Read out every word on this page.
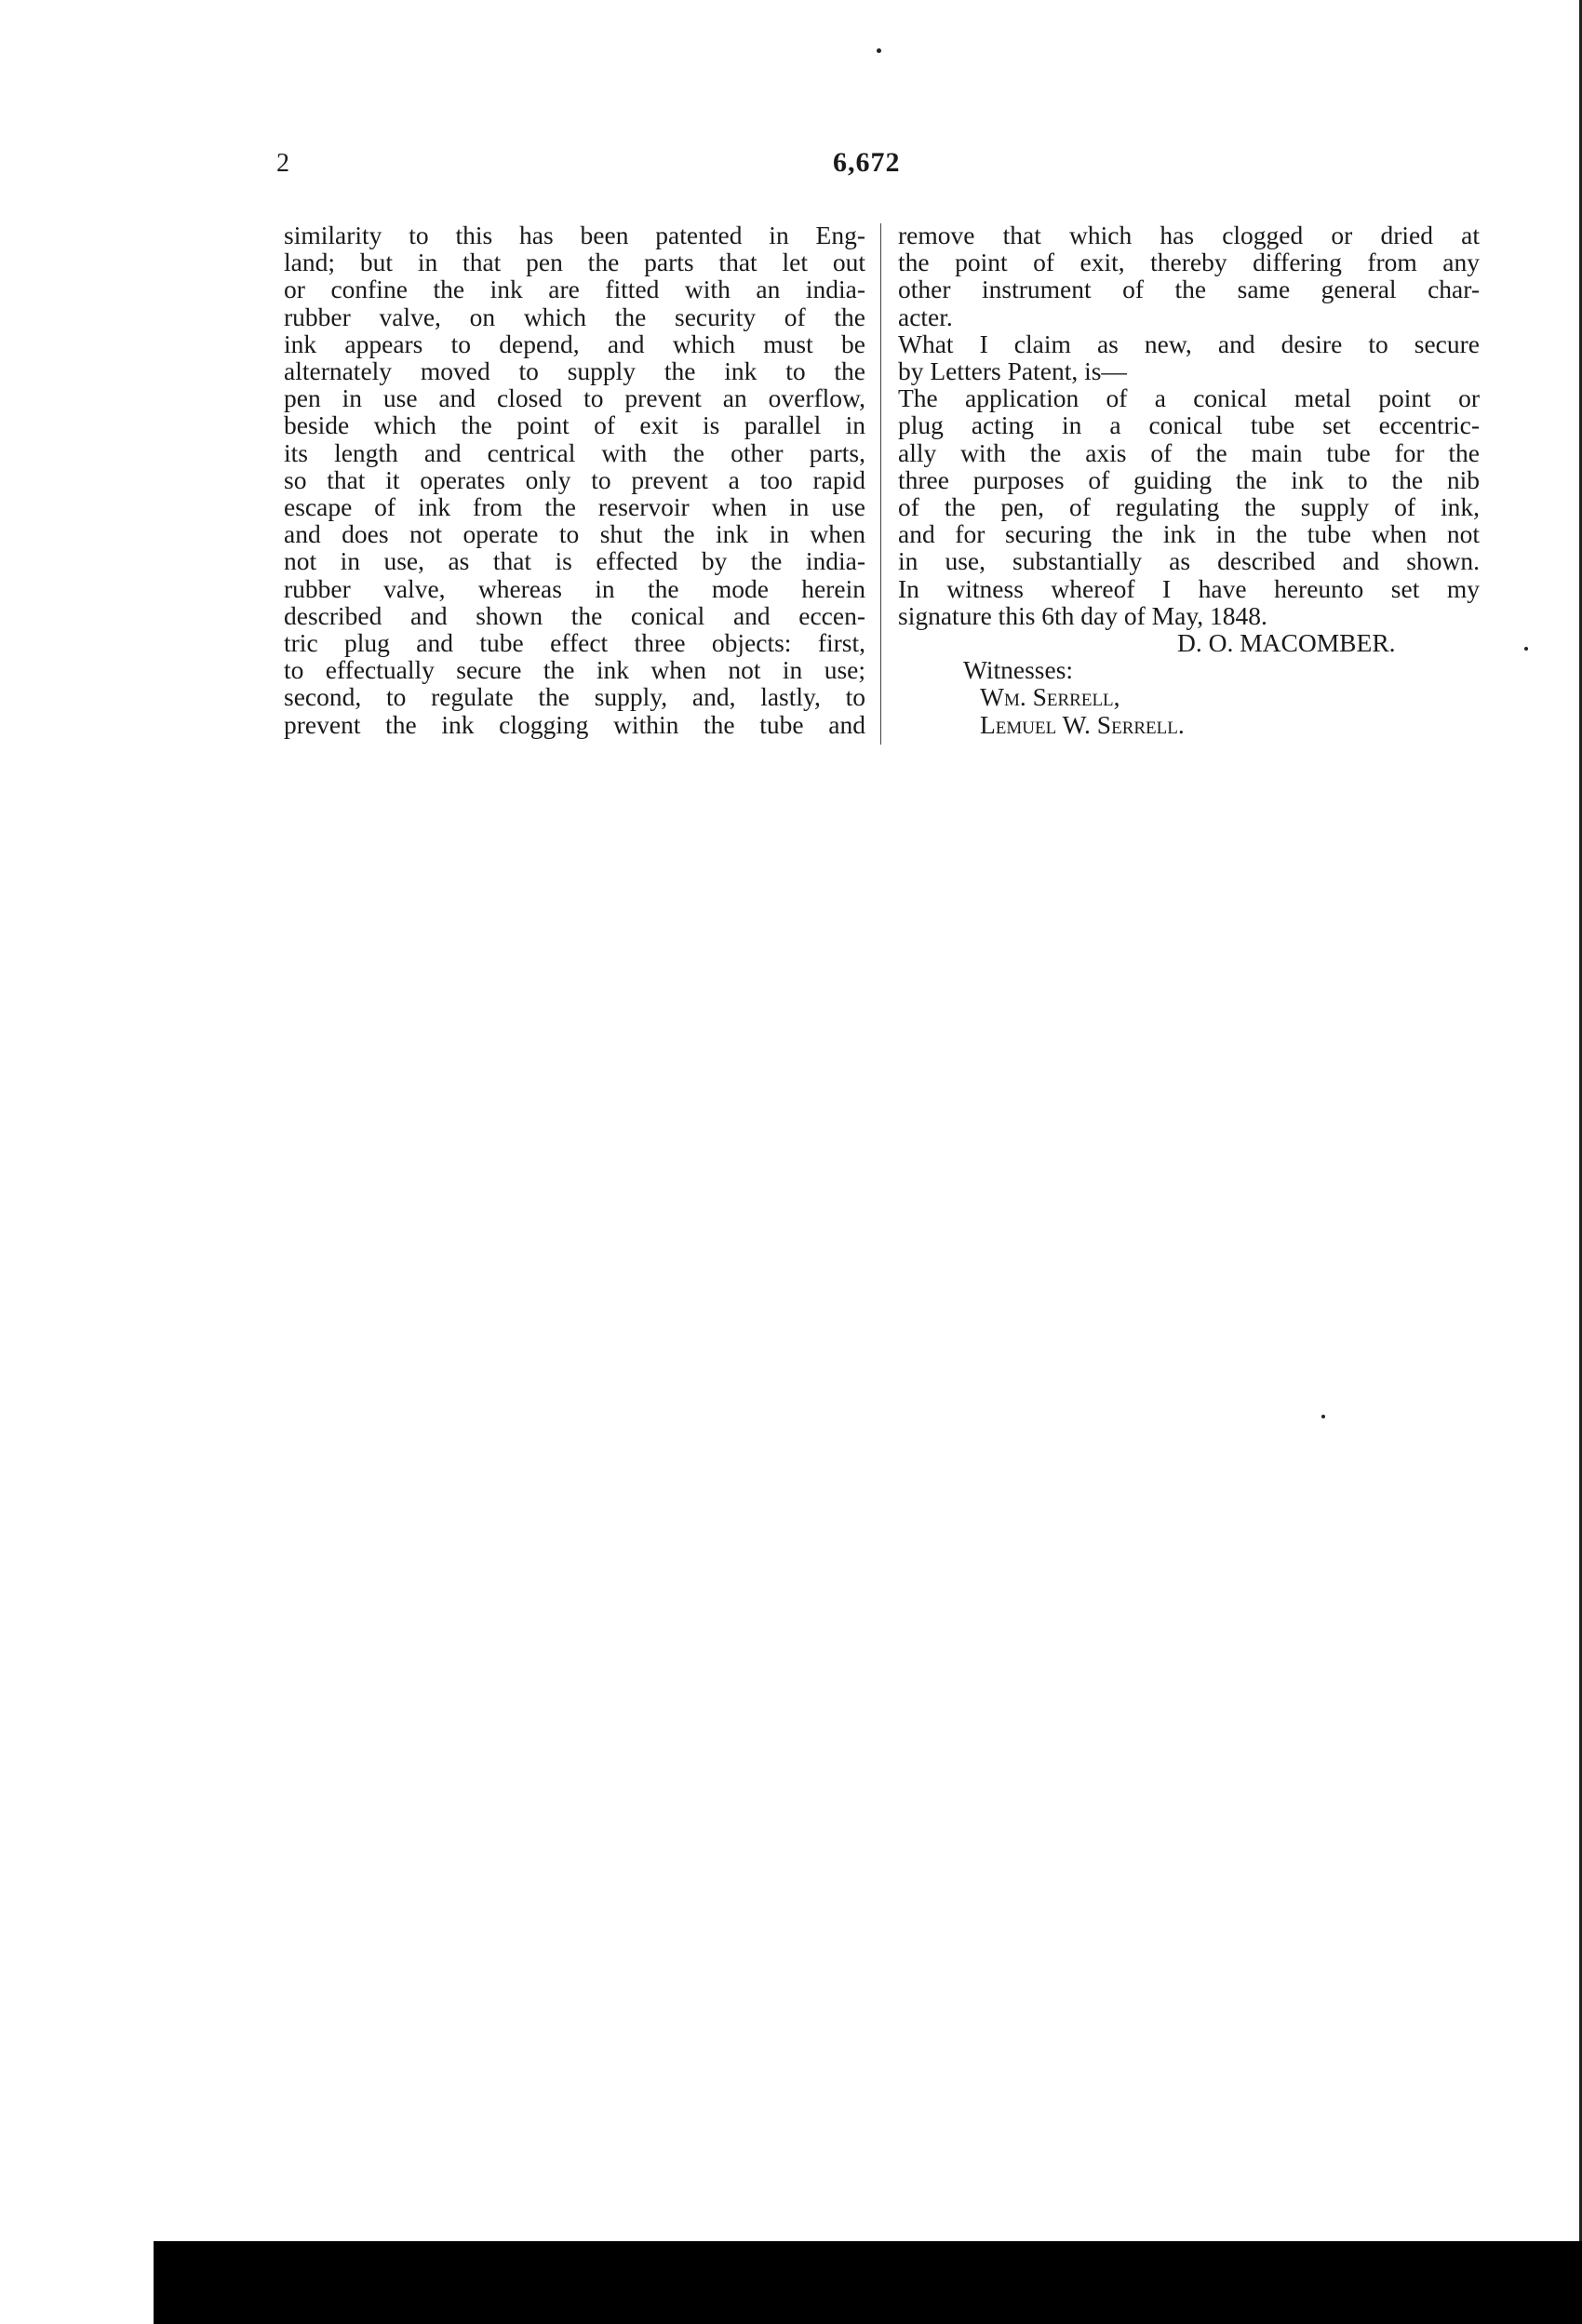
2	6,672
similarity to this has been patented in Eng-
land; but in that pen the parts that let out
or confine the ink are fitted with an india-
rubber valve, on which the security of the
ink appears to depend, and which must be
alternately moved to supply the ink to the
pen in use and closed to prevent an overflow,
beside which the point of exit is parallel in
its length and centrical with the other parts,
so that it operates only to prevent a too rapid
escape of ink from the reservoir when in use
and does not operate to shut the ink in when
not in use, as that is effected by the india-
rubber valve, whereas in the mode herein
described and shown the conical and eccen-
tric plug and tube effect three objects: first,
to effectually secure the ink when not in use;
second, to regulate the supply, and, lastly, to
prevent the ink clogging within the tube and
remove that which has clogged or dried at
the point of exit, thereby differing from any
other instrument of the same general char-
acter.
What I claim as new, and desire to secure
by Letters Patent, is—
The application of a conical metal point or
plug acting in a conical tube set eccentric-
ally with the axis of the main tube for the
three purposes of guiding the ink to the nib
of the pen, of regulating the supply of ink,
and for securing the ink in the tube when not
in use, substantially as described and shown.
In witness whereof I have hereunto set my
signature this 6th day of May, 1848.
D. O. MACOMBER.
Witnesses:
Wm. Serrell,
Lemuel W. Serrell.
